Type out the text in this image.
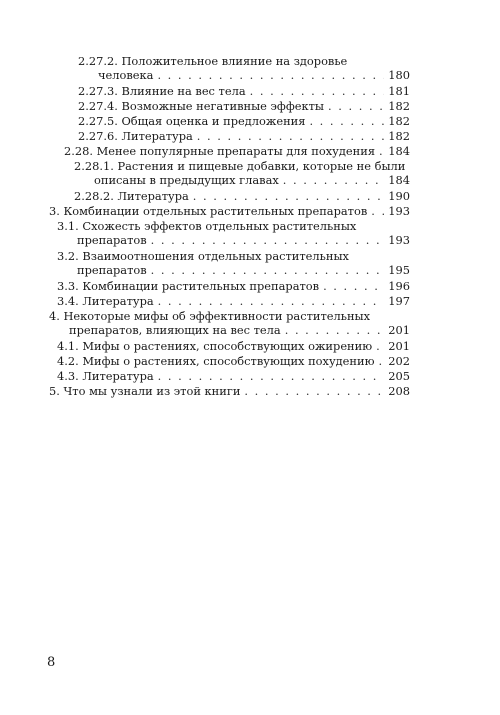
2.27.2. Положительное влияние на здоровье
человека . . .	180
2.27.3. Влияние на вес тела . . .	181
2.27.4. Возможные негативные эффекты . . .	182
2.27.5. Общая оценка и предложения . . .	182
2.27.6. Литература . . .	182
2.28. Менее популярные препараты для похудения . . . 184
2.28.1. Растения и пищевые добавки, которые не были
описаны в предыдущих главах . . .	184
2.28.2. Литература . . .	190
3. Комбинации отдельных растительных препаратов . . . 193
3.1. Схожесть эффектов отдельных растительных
препаратов . . .	193
3.2. Взаимоотношения отдельных растительных
препаратов . . .	195
3.3. Комбинации растительных препаратов . . .	196
3.4. Литература . . .	197
4. Некоторые мифы об эффективности растительных
препаратов, влияющих на вес тела . . .	201
4.1. Мифы о растениях, способствующих ожирению . . . 201
4.2. Мифы о растениях, способствующих похудению . . . 202
4.3. Литература . . .	205
5. Что мы узнали из этой книги . . .	208
8
